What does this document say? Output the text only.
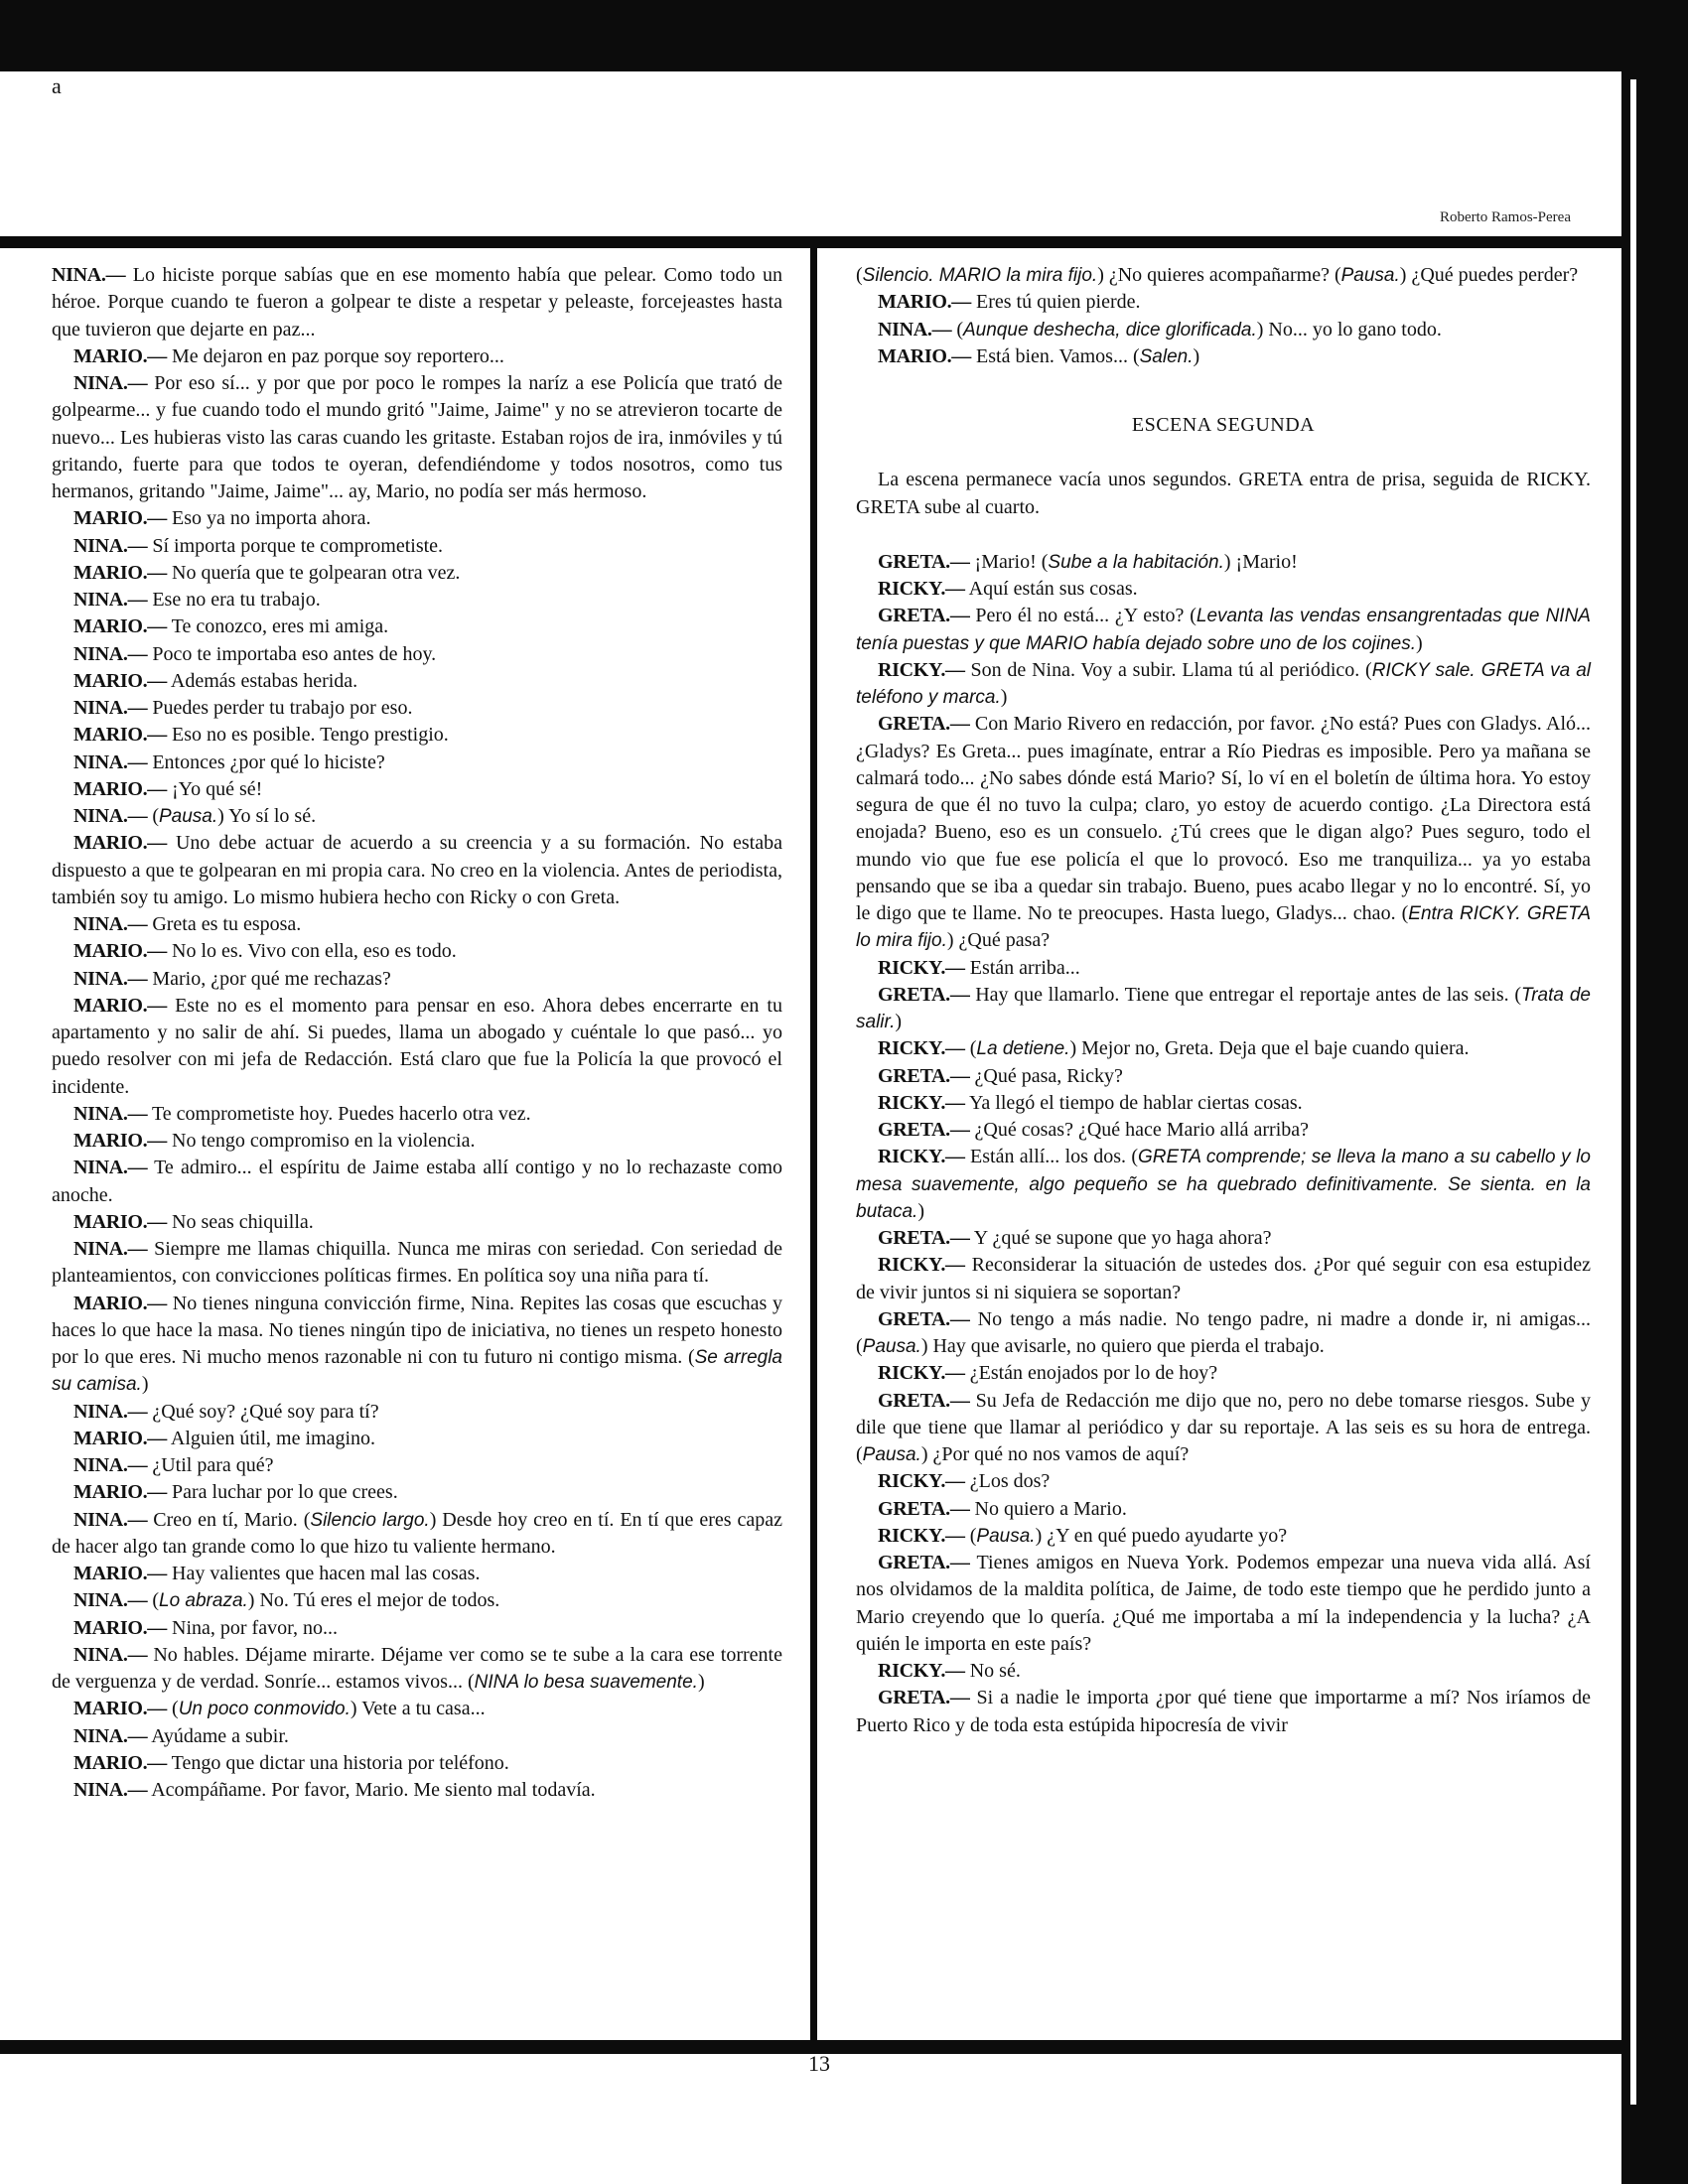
a
Roberto Ramos-Perea

NINA.— Lo hiciste porque sabías que en ese momento había que pelear. Como todo un héroe. Porque cuando te fueron a golpear te diste a respetar y peleaste, forcejeastes hasta que tuvieron que dejarte en paz...

MARIO.— Me dejaron en paz porque soy reportero...

NINA.— Por eso sí... y por que por poco le rompes la naríz a ese Policía que trató de golpearme... y fue cuando todo el mundo gritó "Jaime, Jaime" y no se atrevieron tocarte de nuevo... Les hubieras visto las caras cuando les gritaste. Estaban rojos de ira, inmóviles y tú gritando, fuerte para que todos te oyeran, defendiéndome y todos nosotros, como tus hermanos, gritando "Jaime, Jaime"... ay, Mario, no podía ser más hermoso.

MARIO.— Eso ya no importa ahora.

NINA.— Sí importa porque te comprometiste.

MARIO.— No quería que te golpearan otra vez.

NINA.— Ese no era tu trabajo.

MARIO.— Te conozco, eres mi amiga.

NINA.— Poco te importaba eso antes de hoy.

MARIO.— Además estabas herida.

NINA.— Puedes perder tu trabajo por eso.

MARIO.— Eso no es posible. Tengo prestigio.

NINA.— Entonces ¿por qué lo hiciste?

MARIO.— ¡Yo qué sé!

NINA.— (Pausa.) Yo sí lo sé.

MARIO.— Uno debe actuar de acuerdo a su creencia y a su formación. No estaba dispuesto a que te golpearan en mi propia cara. No creo en la violencia. Antes de periodista, también soy tu amigo. Lo mismo hubiera hecho con Ricky o con Greta.

NINA.— Greta es tu esposa.

MARIO.— No lo es. Vivo con ella, eso es todo.

NINA.— Mario, ¿por qué me rechazas?

MARIO.— Este no es el momento para pensar en eso. Ahora debes encerrarte en tu apartamento y no salir de ahí. Si puedes, llama un abogado y cuéntale lo que pasó... yo puedo resolver con mi jefa de Redacción. Está claro que fue la Policía la que provocó el incidente.

NINA.— Te comprometiste hoy. Puedes hacerlo otra vez.

MARIO.— No tengo compromiso en la violencia.

NINA.— Te admiro... el espíritu de Jaime estaba allí contigo y no lo rechazaste como anoche.

MARIO.— No seas chiquilla.

NINA.— Siempre me llamas chiquilla. Nunca me miras con seriedad. Con seriedad de planteamientos, con convicciones políticas firmes. En política soy una niña para tí.

MARIO.— No tienes ninguna convicción firme, Nina. Repites las cosas que escuchas y haces lo que hace la masa. No tienes ningún tipo de iniciativa, no tienes un respeto honesto por lo que eres. Ni mucho menos razonable ni con tu futuro ni contigo misma. (Se arregla su camisa.)

NINA.— ¿Qué soy? ¿Qué soy para tí?

MARIO.— Alguien útil, me imagino.

NINA.— ¿Util para qué?

MARIO.— Para luchar por lo que crees.

NINA.— Creo en tí, Mario. (Silencio largo.) Desde hoy creo en tí. En tí que eres capaz de hacer algo tan grande como lo que hizo tu valiente hermano.

MARIO.— Hay valientes que hacen mal las cosas.

NINA.— (Lo abraza.) No. Tú eres el mejor de todos.

MARIO.— Nina, por favor, no...

NINA.— No hables. Déjame mirarte. Déjame ver como se te sube a la cara ese torrente de verguenza y de verdad. Sonríe... estamos vivos... (NINA lo besa suavemente.)

MARIO.— (Un poco conmovido.) Vete a tu casa...

NINA.— Ayúdame a subir.

MARIO.— Tengo que dictar una historia por teléfono.

NINA.— Acompáñame. Por favor, Mario. Me siento mal todavía.

(Silencio. MARIO la mira fijo.) ¿No quieres acompañarme? (Pausa.) ¿Qué puedes perder?

MARIO.— Eres tú quien pierde.

NINA.— (Aunque deshecha, dice glorificada.) No... yo lo gano todo.

MARIO.— Está bien. Vamos... (Salen.)

ESCENA SEGUNDA

La escena permanece vacía unos segundos. GRETA entra de prisa, seguida de RICKY. GRETA sube al cuarto.

GRETA.— ¡Mario! (Sube a la habitación.) ¡Mario!

RICKY.— Aquí están sus cosas.

GRETA.— Pero él no está... ¿Y esto? (Levanta las vendas ensangrentadas que NINA tenía puestas y que MARIO había dejado sobre uno de los cojines.)

RICKY.— Son de Nina. Voy a subir. Llama tú al periódico. (RICKY sale. GRETA va al teléfono y marca.)

GRETA.— Con Mario Rivero en redacción, por favor. ¿No está? Pues con Gladys. Aló...¿Gladys? Es Greta... pues imagínate, entrar a Río Piedras es imposible. Pero ya mañana se calmará todo... ¿No sabes dónde está Mario? Sí, lo ví en el boletín de última hora. Yo estoy segura de que él no tuvo la culpa; claro, yo estoy de acuerdo contigo. ¿La Directora está enojada? Bueno, eso es un consuelo. ¿Tú crees que le digan algo? Pues seguro, todo el mundo vio que fue ese policía el que lo provocó. Eso me tranquiliza... ya yo estaba pensando que se iba a quedar sin trabajo. Bueno, pues acabo llegar y no lo encontré. Sí, yo le digo que te llame. No te preocupes. Hasta luego, Gladys... chao. (Entra RICKY. GRETA lo mira fijo.) ¿Qué pasa?

RICKY.— Están arriba...

GRETA.— Hay que llamarlo. Tiene que entregar el reportaje antes de las seis. (Trata de salir.)

RICKY.— (La detiene.) Mejor no, Greta. Deja que el baje cuando quiera.

GRETA.— ¿Qué pasa, Ricky?

RICKY.— Ya llegó el tiempo de hablar ciertas cosas.

GRETA.— ¿Qué cosas? ¿Qué hace Mario allá arriba?

RICKY.— Están allí... los dos. (GRETA comprende; se lleva la mano a su cabello y lo mesa suavemente, algo pequeño se ha quebrado definitivamente. Se sienta. en la butaca.)

GRETA.— Y ¿qué se supone que yo haga ahora?

RICKY.— Reconsiderar la situación de ustedes dos. ¿Por qué seguir con esa estupidez de vivir juntos si ni siquiera se soportan?

GRETA.— No tengo a más nadie. No tengo padre, ni madre a donde ir, ni amigas... (Pausa.) Hay que avisarle, no quiero que pierda el trabajo.

RICKY.— ¿Están enojados por lo de hoy?

GRETA.— Su Jefa de Redacción me dijo que no, pero no debe tomarse riesgos. Sube y dile que tiene que llamar al periódico y dar su reportaje. A las seis es su hora de entrega. (Pausa.) ¿Por qué no nos vamos de aquí?

RICKY.— ¿Los dos?

GRETA.— No quiero a Mario.

RICKY.— (Pausa.) ¿Y en qué puedo ayudarte yo?

GRETA.— Tienes amigos en Nueva York. Podemos empezar una nueva vida allá. Así nos olvidamos de la maldita política, de Jaime, de todo este tiempo que he perdido junto a Mario creyendo que lo quería. ¿Qué me importaba a mí la independencia y la lucha? ¿A quién le importa en este país?

RICKY.— No sé.

GRETA.— Si a nadie le importa ¿por qué tiene que importarme a mí? Nos iríamos de Puerto Rico y de toda esta estúpida hipocresía de vivir

13
